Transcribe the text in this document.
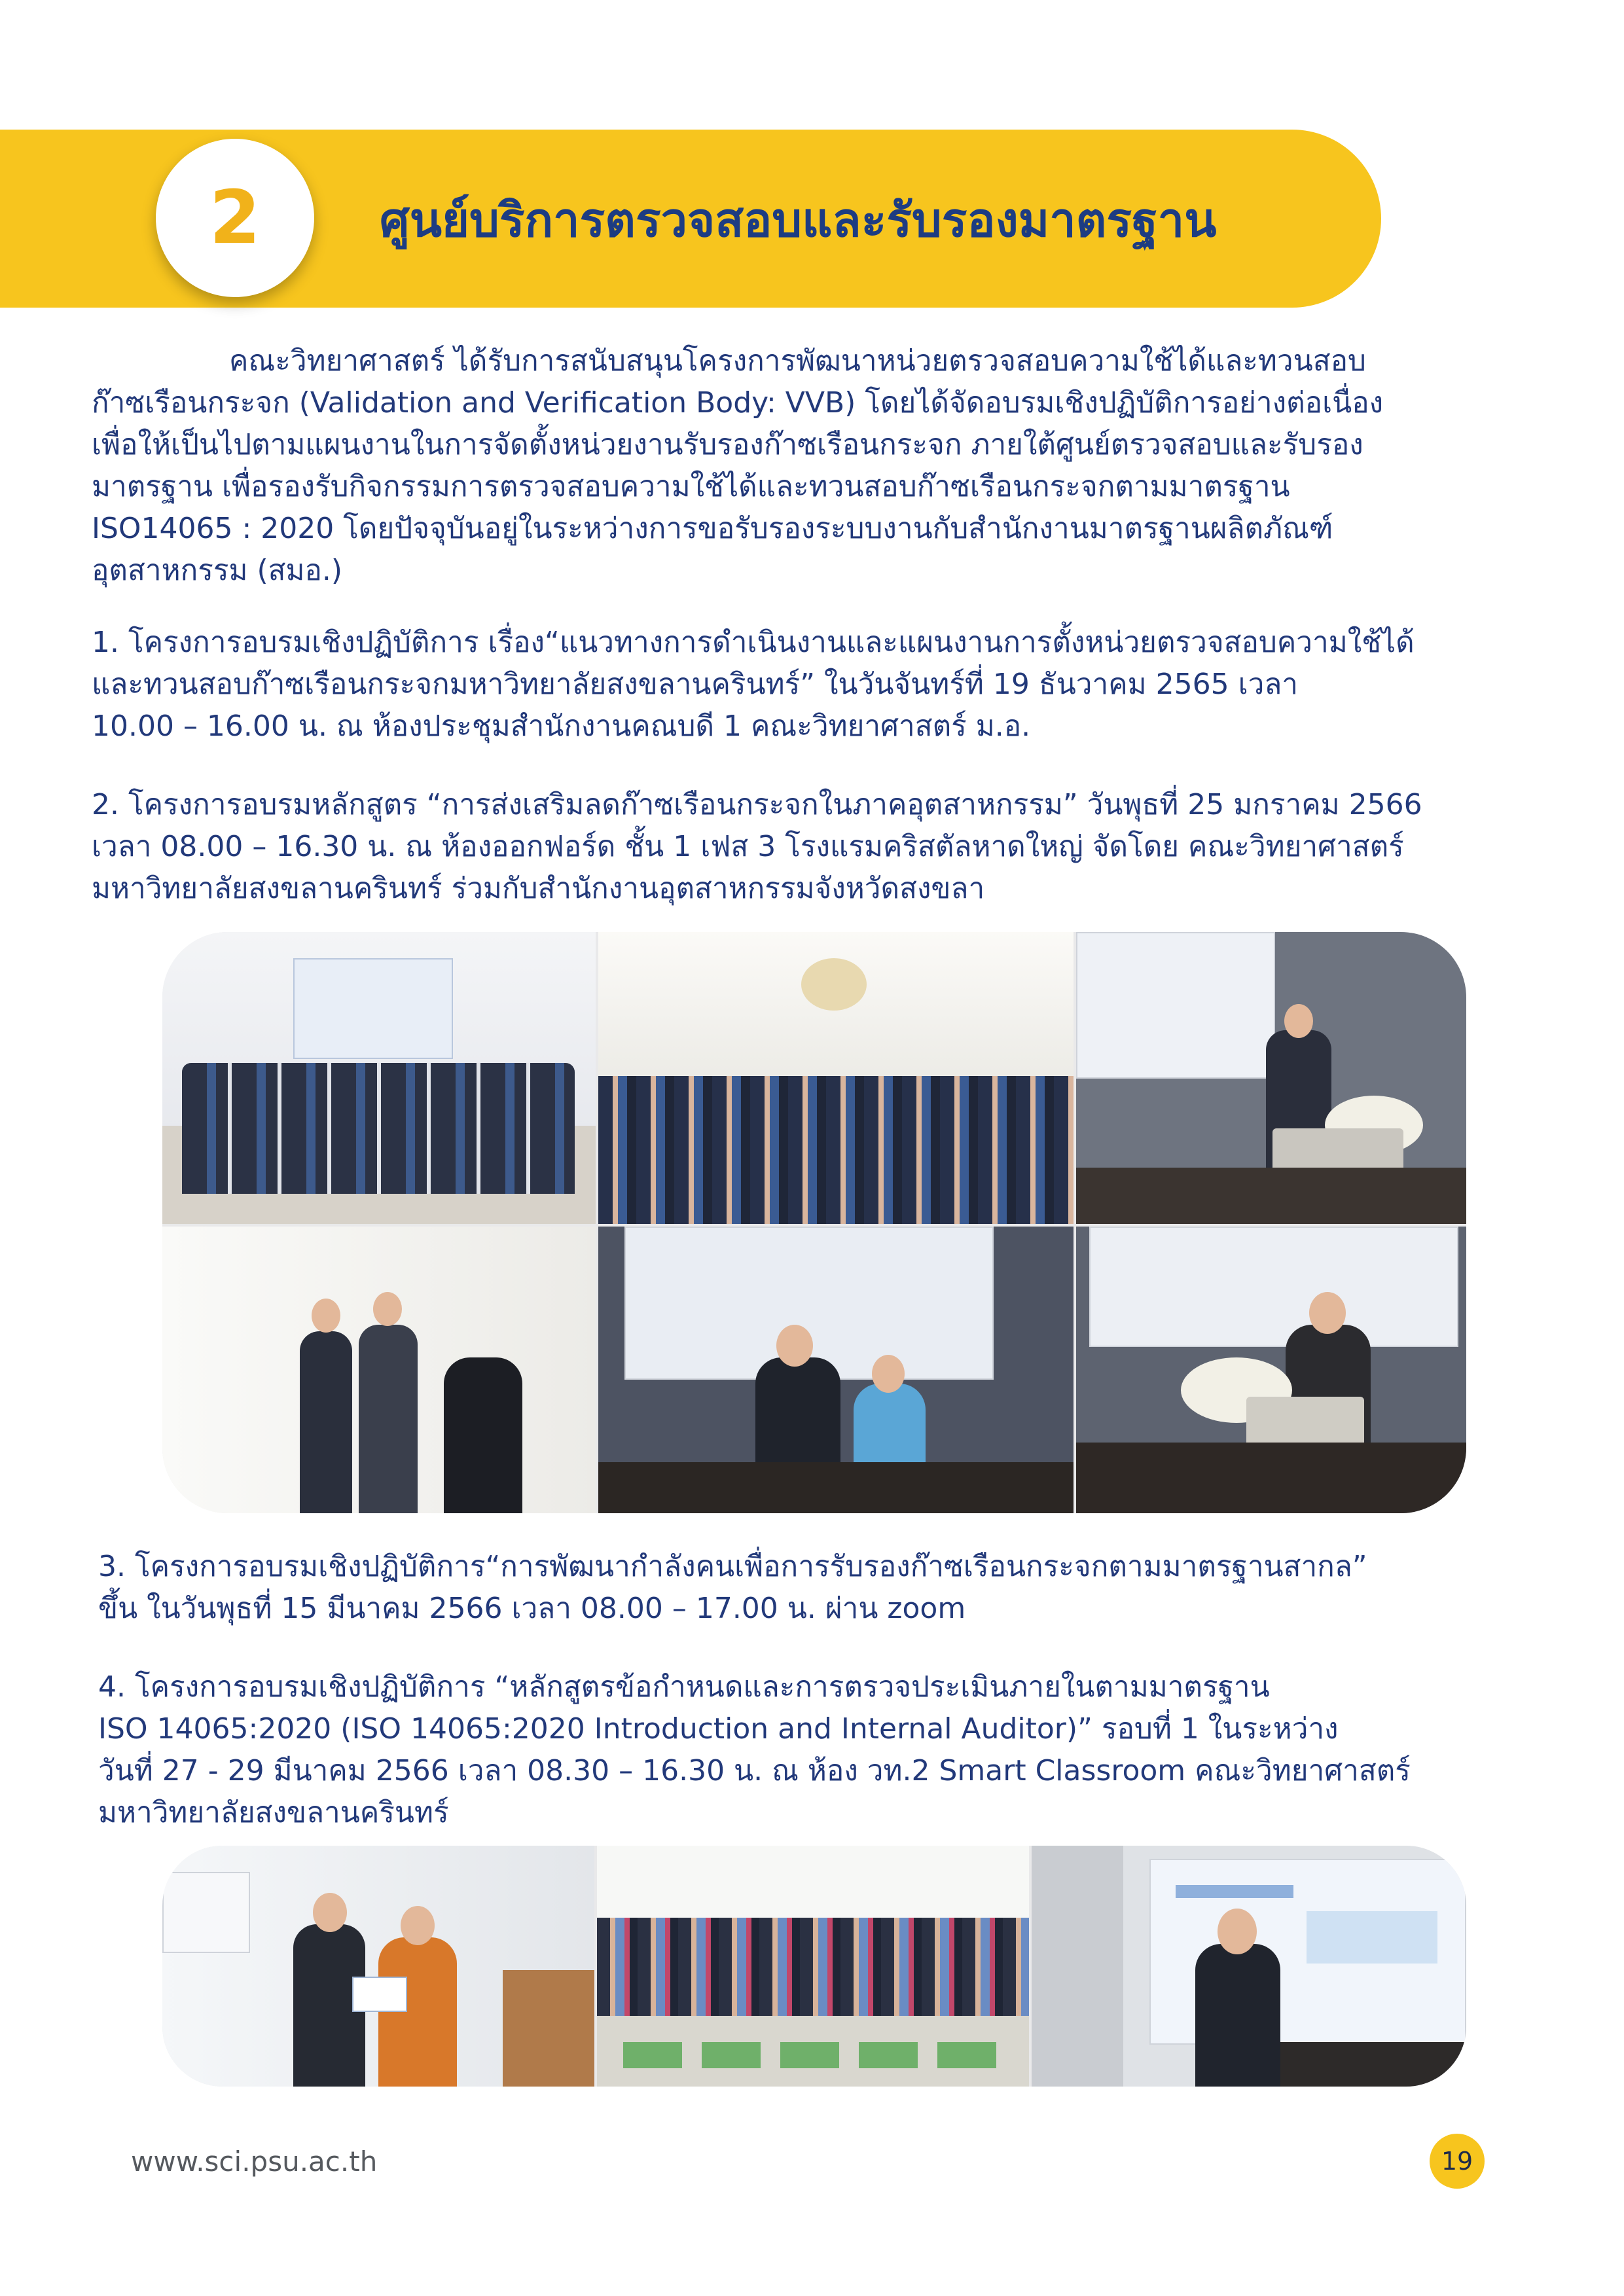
2	ศูนย์บริการตรวจสอบและรับรองมาตรฐาน

คณะวิทยาศาสตร์ ได้รับการสนับสนุนโครงการพัฒนาหน่วยตรวจสอบความใช้ได้และทวนสอบ

ก๊าซเรือนกระจก (Validation and Verification Body: VVB) โดยได้จัดอบรมเชิงปฏิบัติการอย่างต่อเนื่อง

เพื่อให้เป็นไปตามแผนงานในการจัดตั้งหน่วยงานรับรองก๊าซเรือนกระจก ภายใต้ศูนย์ตรวจสอบและรับรอง

มาตรฐาน เพื่อรองรับกิจกรรมการตรวจสอบความใช้ได้และทวนสอบก๊าซเรือนกระจกตามมาตรฐาน

ISO14065 : 2020 โดยปัจจุบันอยู่ในระหว่างการขอรับรองระบบงานกับสำนักงานมาตรฐานผลิตภัณฑ์

อุตสาหกรรม (สมอ.)

1. โครงการอบรมเชิงปฏิบัติการ เรื่อง“แนวทางการดำเนินงานและแผนงานการตั้งหน่วยตรวจสอบความใช้ได้

และทวนสอบก๊าซเรือนกระจกมหาวิทยาลัยสงขลานครินทร์” ในวันจันทร์ที่ 19 ธันวาคม 2565 เวลา

10.00 – 16.00 น. ณ ห้องประชุมสำนักงานคณบดี 1 คณะวิทยาศาสตร์ ม.อ.

2. โครงการอบรมหลักสูตร “การส่งเสริมลดก๊าซเรือนกระจกในภาคอุตสาหกรรม” วันพุธที่ 25 มกราคม 2566

เวลา 08.00 – 16.30 น. ณ ห้องออกฟอร์ด ชั้น 1 เฟส 3 โรงแรมคริสตัลหาดใหญ่ จัดโดย คณะวิทยาศาสตร์

มหาวิทยาลัยสงขลานครินทร์ ร่วมกับสำนักงานอุตสาหกรรมจังหวัดสงขลา

3. โครงการอบรมเชิงปฏิบัติการ“การพัฒนากำลังคนเพื่อการรับรองก๊าซเรือนกระจกตามมาตรฐานสากล”

ขึ้น ในวันพุธที่ 15 มีนาคม 2566 เวลา 08.00 – 17.00 น. ผ่าน zoom

4. โครงการอบรมเชิงปฏิบัติการ “หลักสูตรข้อกำหนดและการตรวจประเมินภายในตามมาตรฐาน

ISO 14065:2020 (ISO 14065:2020 Introduction and Internal Auditor)” รอบที่ 1 ในระหว่าง

วันที่ 27 - 29 มีนาคม 2566 เวลา 08.30 – 16.30 น. ณ ห้อง วท.2 Smart Classroom คณะวิทยาศาสตร์

มหาวิทยาลัยสงขลานครินทร์

www.sci.psu.ac.th	19
